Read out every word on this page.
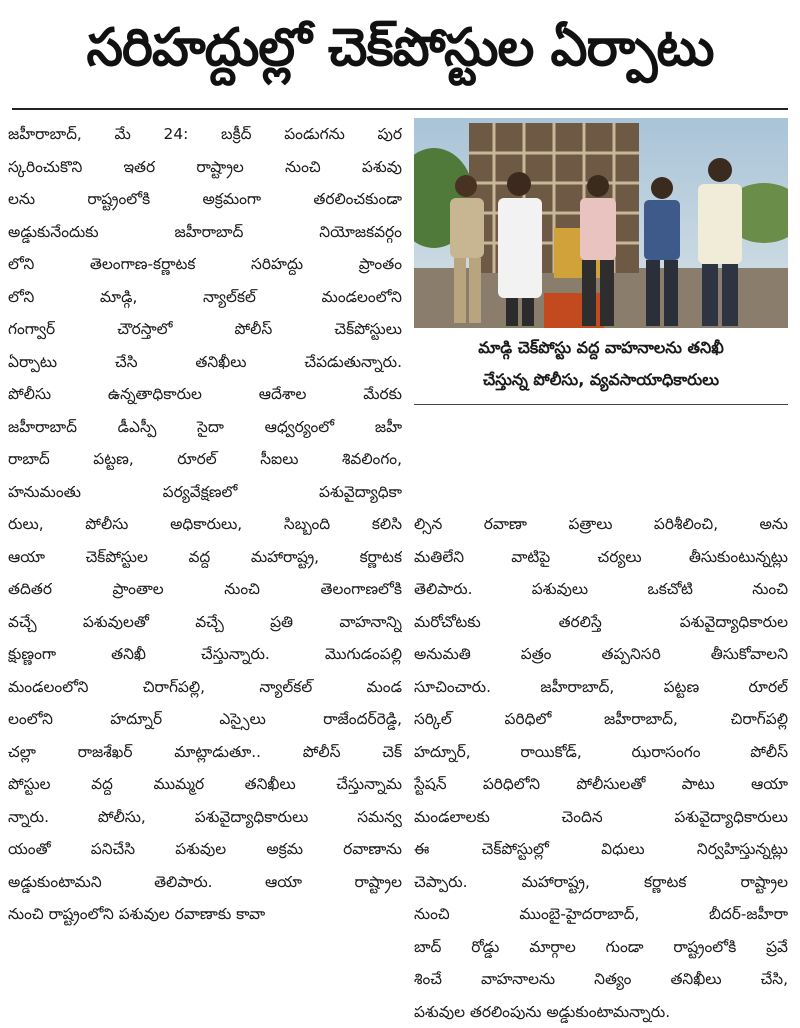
సరిహద్దుల్లో చెక్‌పోస్టుల ఏర్పాటు
జహీరాబాద్, మే 24: బక్రీద్ పండుగను పుర
స్కరించుకొని ఇతర రాష్ట్రాల నుంచి పశువు
లను రాష్ట్రంలోకి అక్రమంగా తరలించకుండా
అడ్డుకునేందుకు జహీరాబాద్ నియోజకవర్గం
లోని తెలంగాణ-కర్ణాటక సరిహద్దు ప్రాంతం
లోని మాడ్గి, న్యాల్‌కల్ మండలంలోని
గంగ్వార్ చౌరస్తాలో పోలీస్ చెక్‌పోస్టులు
ఏర్పాటు చేసి తనిఖీలు చేపడుతున్నారు.
పోలీసు ఉన్నతాధికారుల ఆదేశాల మేరకు
జహీరాబాద్ డీఎస్పీ సైదా ఆధ్వర్యంలో జహీ
రాబాద్ పట్టణ, రూరల్ సీఐలు శివలింగం,
హనుమంతు పర్యవేక్షణలో పశువైద్యాధికా
రులు, పోలీసు అధికారులు, సిబ్బంది కలిసి
ఆయా చెక్‌పోస్టుల వద్ద మహారాష్ట్ర, కర్ణాటక
తదితర ప్రాంతాల నుంచి తెలంగాణలోకి
వచ్చే పశువులతో వచ్చే ప్రతి వాహనాన్ని
క్షుణ్ణంగా తనిఖీ చేస్తున్నారు. మొగుడంపల్లి
మండలంలోని చిరాగ్‌పల్లి, న్యాల్‌కల్ మండ
లంలోని హద్నూర్ ఎస్సైలు రాజేందర్‌రెడ్డి,
చల్లా రాజశేఖర్ మాట్లాడుతూ.. పోలీస్ చెక్
పోస్టుల వద్ద ముమ్మర తనిఖీలు చేస్తున్నామ
న్నారు. పోలీసు, పశువైద్యాధికారులు సమన్వ
యంతో పనిచేసి పశువుల అక్రమ రవాణాను
అడ్డుకుంటామని తెలిపారు. ఆయా రాష్ట్రాల
నుంచి రాష్ట్రంలోని పశువుల రవాణాకు కావా
మాడ్గి చెక్‌పోస్టు వద్ద వాహనాలను తనిఖీ
చేస్తున్న పోలీసు, వ్యవసాయాధికారులు
ల్సిన రవాణా పత్రాలు పరిశీలించి, అను
మతిలేని వాటిపై చర్యలు తీసుకుంటున్నట్లు
తెలిపారు. పశువులు ఒకచోటి నుంచి
మరోచోటకు తరలిస్తే పశువైద్యాధికారుల
అనుమతి పత్రం తప్పనిసరి తీసుకోవాలని
సూచించారు. జహీరాబాద్, పట్టణ రూరల్
సర్కిల్ పరిధిలో జహీరాబాద్, చిరాగ్‌పల్లి
హద్నూర్, రాయికోడ్, ఝరాసంగం పోలీస్
స్టేషన్ పరిధిలోని పోలీసులతో పాటు ఆయా
మండలాలకు చెందిన పశువైద్యాధికారులు
ఈ చెక్‌పోస్టుల్లో విధులు నిర్వహిస్తున్నట్లు
చెప్పారు. మహారాష్ట్ర, కర్ణాటక రాష్ట్రాల
నుంచి ముంబై-హైదరాబాద్, బీదర్-జహీరా
బాద్ రోడ్డు మార్గాల గుండా రాష్ట్రంలోకి ప్రవే
శించే వాహనాలను నిత్యం తనిఖీలు చేసి,
పశువుల తరలింపును అడ్డుకుంటామన్నారు.
